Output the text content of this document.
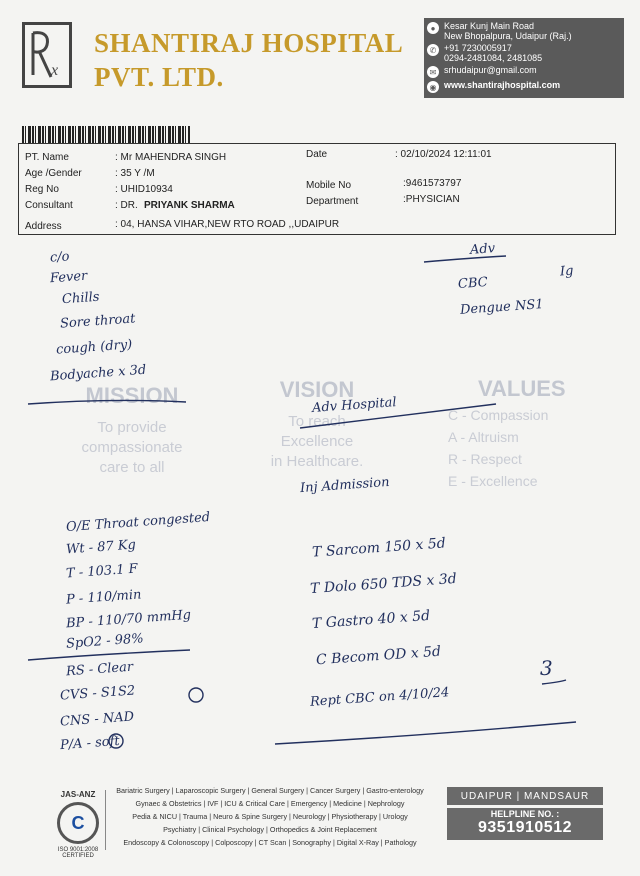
x
SHANTIRAJ HOSPITAL
PVT. LTD.
● Kesar Kunj Main Road
New Bhopalpura, Udaipur (Raj.)
✆ +91 7230005917
0294-2481084, 2481085
✉ srhudaipur@gmail.com
◉ www.shantirajhospital.com
PT. Name	: Mr MAHENDRA SINGH
Age /Gender	: 35 Y /M
Reg No	: UHID10934
Consultant	: DR. PRIYANK SHARMA
Address	: 04, HANSA VIHAR,NEW RTO ROAD ,,UDAIPUR
Date	: 02/10/2024 12:11:01
Mobile No	:9461573797
Department	:PHYSICIAN
MISSION
To provide
compassionate
care to all
VISION
To reach
Excellence
in Healthcare.
VALUES
C - Compassion
A - Altruism
R - Respect
E - Excellence
c/o
Fever
Chills
Sore throat
cough (dry)
Bodyache x 3d
Adv
CBC
Dengue NS1
Ig
Adv Hospital
Inj Admission
O/E Throat congested
Wt - 87 Kg
T - 103.1 F
P - 110/min
BP - 110/70 mmHg
SpO2 - 98%
RS - Clear
CVS - S1S2
CNS - NAD
P/A - soft
T Sarcom 150 x 5d
T Dolo 650 TDS x 3d
T Gastro 40 x 5d
C Becom OD x 5d	3
Rept CBC on 4/10/24
JAS-ANZ
C
ISO 9001:2008 CERTIFIED
Bariatric Surgery | Laparoscopic Surgery | General Surgery | Cancer Surgery | Gastro-enterology
Gynaec & Obstetrics | IVF | ICU & Critical Care | Emergency | Medicine | Nephrology
Pedia & NICU | Trauma | Neuro & Spine Surgery | Neurology | Physiotherapy | Urology
Psychiatry | Clinical Psychology | Orthopedics & Joint Replacement
Endoscopy & Colonoscopy | Colposcopy | CT Scan | Sonography | Digital X-Ray | Pathology
UDAIPUR | MANDSAUR
HELPLINE NO. :
9351910512
